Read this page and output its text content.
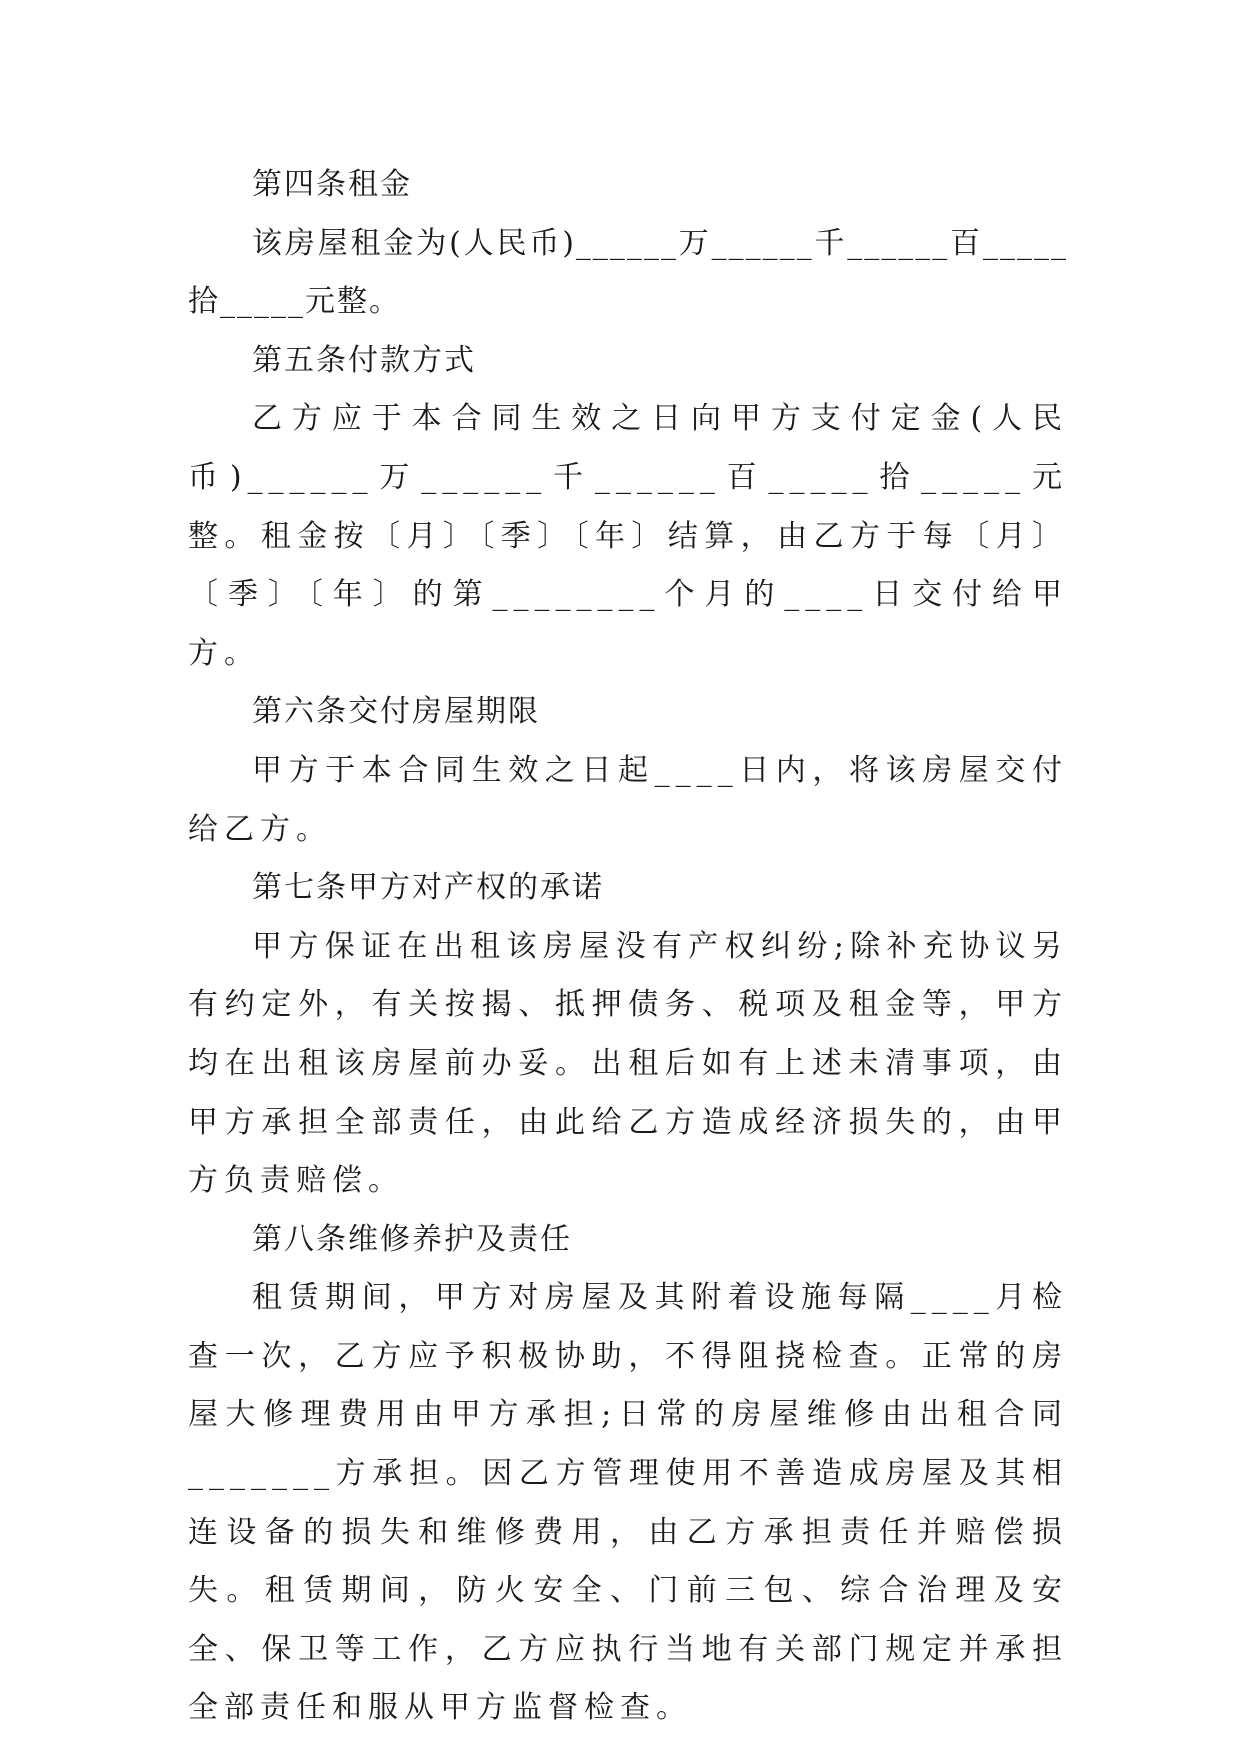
第四条租金

该房屋租金为(人民币)______万______千______百_____拾_____元整。

第五条付款方式

乙方应于本合同生效之日向甲方支付定金(人民币)______万______千______百_____拾_____元整。租金按〔月〕〔季〕〔年〕结算，由乙方于每〔月〕〔季〕〔年〕的第________个月的____日交付给甲方。

第六条交付房屋期限

甲方于本合同生效之日起____日内，将该房屋交付给乙方。

第七条甲方对产权的承诺

甲方保证在出租该房屋没有产权纠纷;除补充协议另有约定外，有关按揭、抵押债务、税项及租金等，甲方均在出租该房屋前办妥。出租后如有上述未清事项，由甲方承担全部责任，由此给乙方造成经济损失的，由甲方负责赔偿。

第八条维修养护及责任

租赁期间，甲方对房屋及其附着设施每隔____月检查一次，乙方应予积极协助，不得阻挠检查。正常的房屋大修理费用由甲方承担;日常的房屋维修由出租合同_______方承担。因乙方管理使用不善造成房屋及其相连设备的损失和维修费用，由乙方承担责任并赔偿损失。租赁期间，防火安全、门前三包、综合治理及安全、保卫等工作，乙方应执行当地有关部门规定并承担全部责任和服从甲方监督检查。
